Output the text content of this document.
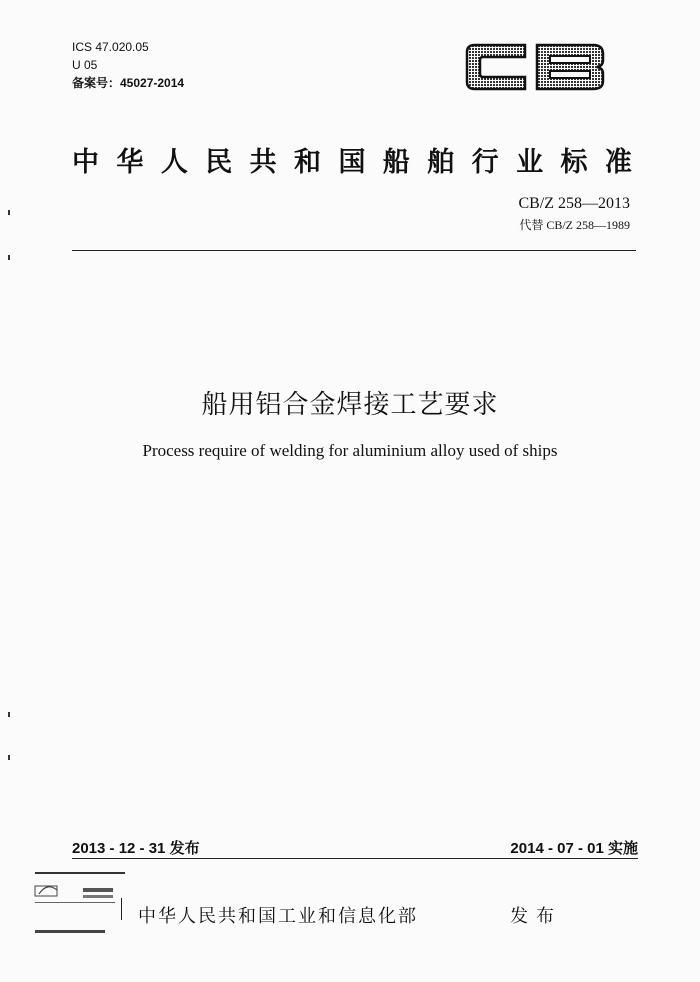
ICS 47.020.05
U 05
备案号：45027-2014
中 华 人 民 共 和 国 船 舶 行 业 标 准
CB/Z 258—2013
代替 CB/Z 258—1989
船用铝合金焊接工艺要求
Process require of welding for aluminium alloy used of ships
2013 - 12 - 31 发布	2014 - 07 - 01 实施
中华人民共和国工业和信息化部	发布
